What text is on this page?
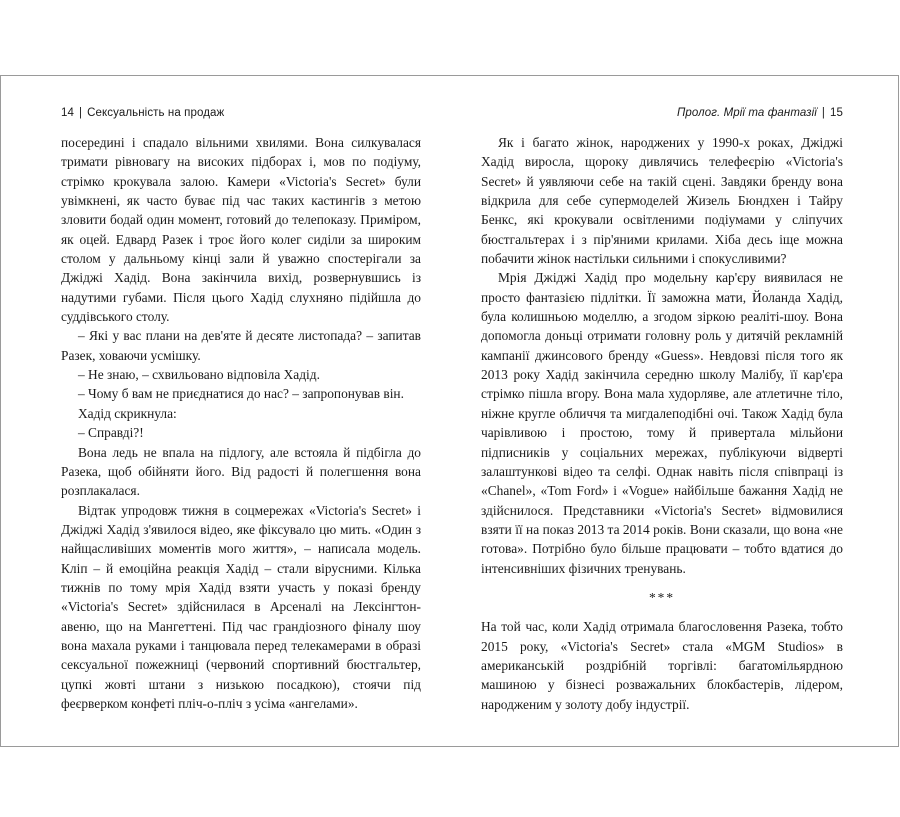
14 | Сексуальність на продаж

посередині і спадало вільними хвилями. Вона силкувалася тримати рівновагу на високих підборах і, мов по подіуму, стрімко крокувала залою. Камери «Victoria's Secret» були увімкнені, як часто буває під час таких кастингів з метою зловити бодай один момент, готовий до телепоказу. Приміром, як оцей. Едвард Разек і троє його колег сиділи за широким столом у дальньому кінці зали й уважно спостерігали за Джіджі Хадід. Вона закінчила вихід, розвернувшись із надутими губами. Після цього Хадід слухняно підійшла до суддівського столу.

– Які у вас плани на дев'яте й десяте листопада? – запитав Разек, ховаючи усмішку.

– Не знаю, – схвильовано відповіла Хадід.

– Чому б вам не приєднатися до нас? – запропонував він.

Хадід скрикнула:

– Справді?!

Вона ледь не впала на підлогу, але встояла й підбігла до Разека, щоб обійняти його. Від радості й полегшення вона розплакалася.

Відтак упродовж тижня в соцмережах «Victoria's Secret» і Джіджі Хадід з'явилося відео, яке фіксувало цю мить. «Один з найщасливіших моментів мого життя», – написала модель. Кліп – й емоційна реакція Хадід – стали вірусними. Кілька тижнів по тому мрія Хадід взяти участь у показі бренду «Victoria's Secret» здійснилася в Арсеналі на Лексінгтон-авеню, що на Мангеттені. Під час грандіозного фіналу шоу вона махала руками і танцювала перед телекамерами в образі сексуальної пожежниці (червоний спортивний бюстгальтер, цупкі жовті штани з низькою посадкою), стоячи під феєрверком конфеті пліч-о-пліч з усіма «ангелами».

Пролог. Мрії та фантазії | 15

Як і багато жінок, народжених у 1990-х роках, Джіджі Хадід виросла, щороку дивлячись телефеєрію «Victoria's Secret» й уявляючи себе на такій сцені. Завдяки бренду вона відкрила для себе супермоделей Жизель Бюндхен і Тайру Бенкс, які крокували освітленими подіумами у сліпучих бюстгальтерах і з пір'яними крилами. Хіба десь іще можна побачити жінок настільки сильними і спокусливими?

Мрія Джіджі Хадід про модельну кар'єру виявилася не просто фантазією підлітки. Її заможна мати, Йоланда Хадід, була колишньою моделлю, а згодом зіркою реаліті-шоу. Вона допомогла доньці отримати головну роль у дитячій рекламній кампанії джинсового бренду «Guess». Невдовзі після того як 2013 року Хадід закінчила середню школу Малібу, її кар'єра стрімко пішла вгору. Вона мала худорляве, але атлетичне тіло, ніжне кругле обличчя та мигдалеподібні очі. Також Хадід була чарівливою і простою, тому й привертала мільйони підписників у соціальних мережах, публікуючи відверті залаштункові відео та селфі. Однак навіть після співпраці із «Chanel», «Tom Ford» і «Vogue» найбільше бажання Хадід не здійснилося. Представники «Victoria's Secret» відмовилися взяти її на показ 2013 та 2014 років. Вони сказали, що вона «не готова». Потрібно було більше працювати – тобто вдатися до інтенсивніших фізичних тренувань.

***

На той час, коли Хадід отримала благословення Разека, тобто 2015 року, «Victoria's Secret» стала «MGM Studios» в американській роздрібній торгівлі: багатомільярдною машиною у бізнесі розважальних блокбастерів, лідером, народженим у золоту добу індустрії.
